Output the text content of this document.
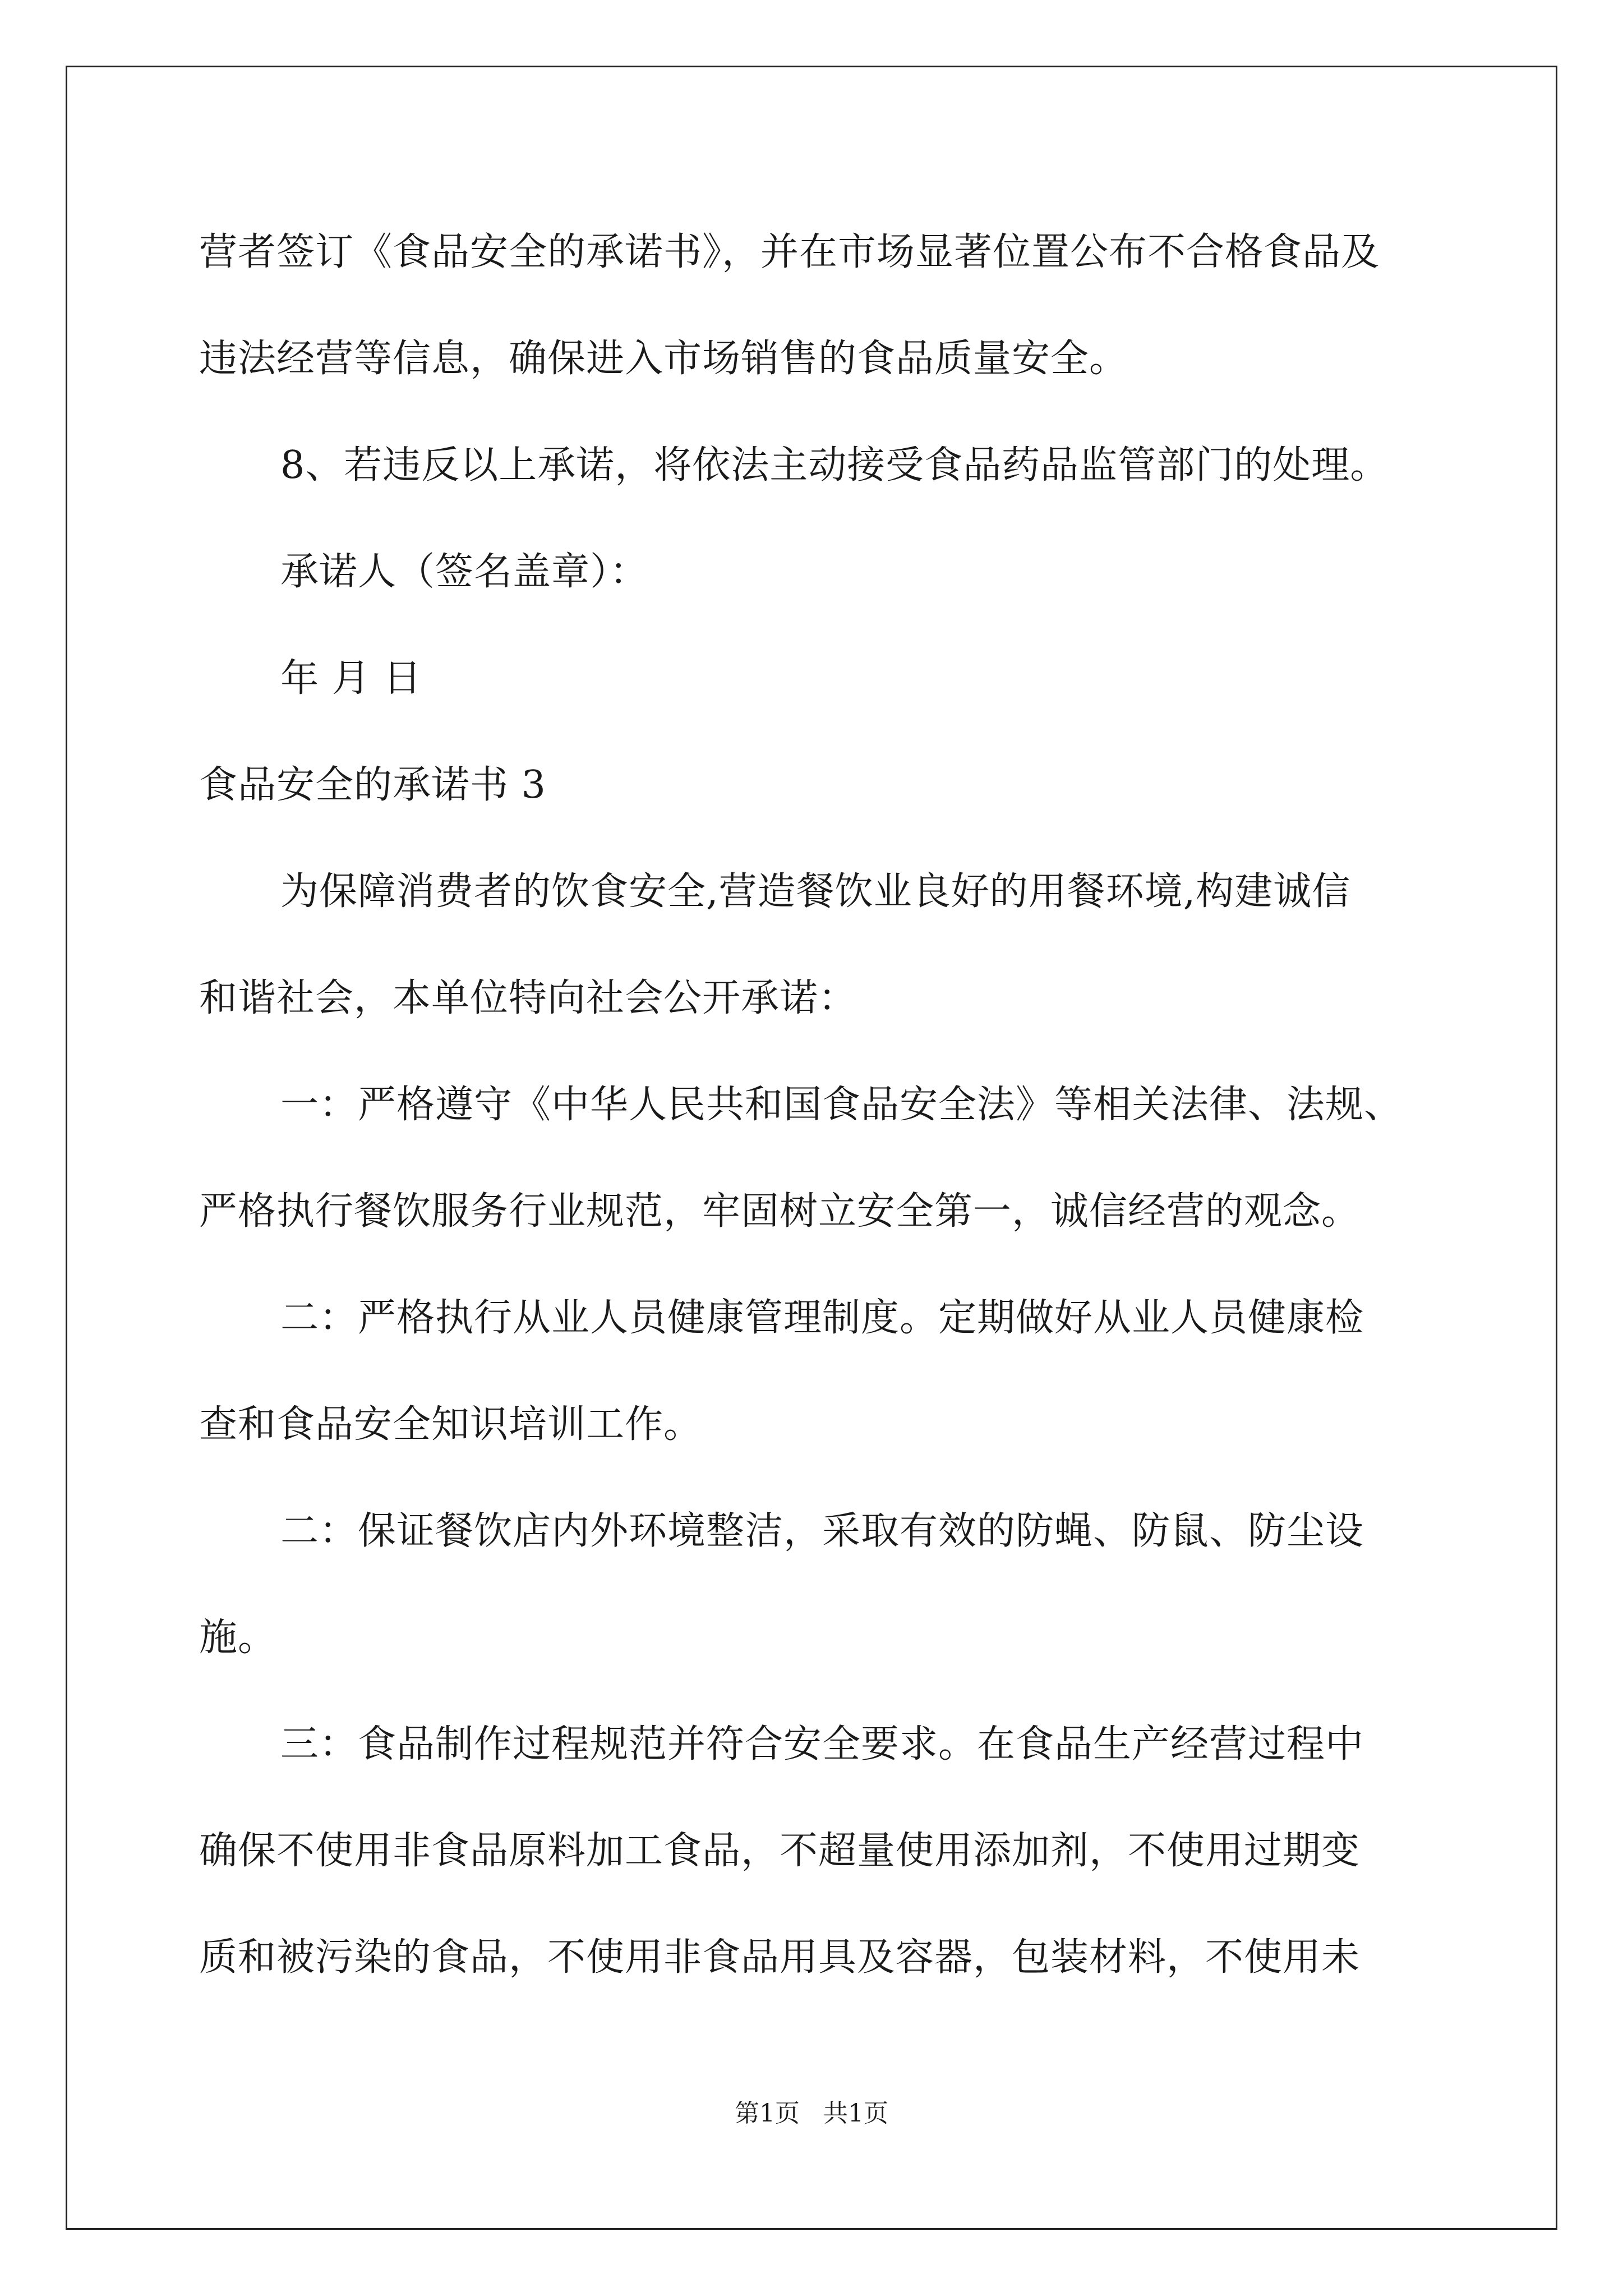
营者签订《食品安全的承诺书》，并在市场显著位置公布不合格食品及
违法经营等信息，确保进入市场销售的食品质量安全。
8、若违反以上承诺，将依法主动接受食品药品监管部门的处理。
承诺人（签名盖章）：
年 月 日
食品安全的承诺书 3
为保障消费者的饮食安全,营造餐饮业良好的用餐环境,构建诚信
和谐社会，本单位特向社会公开承诺：
一：严格遵守《中华人民共和国食品安全法》等相关法律、法规、
严格执行餐饮服务行业规范，牢固树立安全第一，诚信经营的观念。
二：严格执行从业人员健康管理制度。定期做好从业人员健康检
查和食品安全知识培训工作。
二：保证餐饮店内外环境整洁，采取有效的防蝇、防鼠、防尘设
施。
三：食品制作过程规范并符合安全要求。在食品生产经营过程中
确保不使用非食品原料加工食品，不超量使用添加剂，不使用过期变
质和被污染的食品，不使用非食品用具及容器，包装材料，不使用未
第1页   共1页
